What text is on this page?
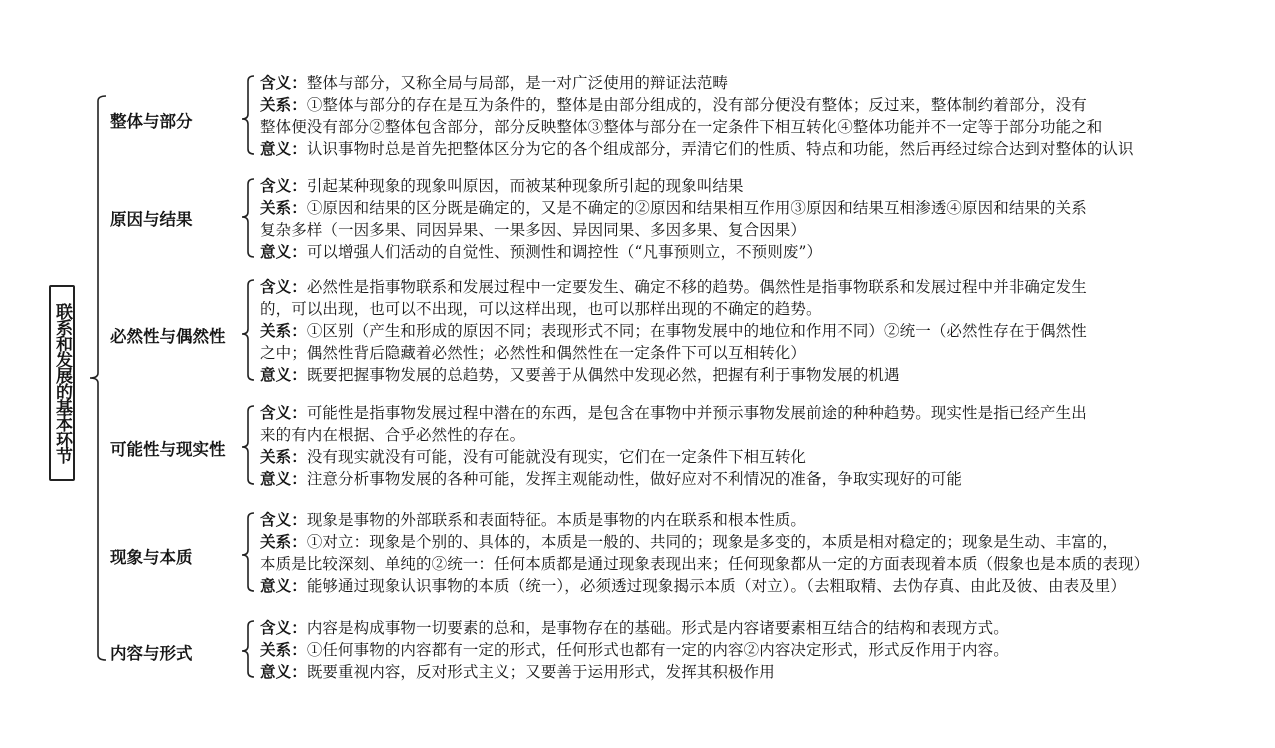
联系和发展的基本环节
整体与部分
含义：整体与部分，又称全局与局部，是一对广泛使用的辩证法范畴
关系：①整体与部分的存在是互为条件的，整体是由部分组成的，没有部分便没有整体；反过来，整体制约着部分，没有
整体便没有部分②整体包含部分，部分反映整体③整体与部分在一定条件下相互转化④整体功能并不一定等于部分功能之和
意义：认识事物时总是首先把整体区分为它的各个组成部分，弄清它们的性质、特点和功能，然后再经过综合达到对整体的认识
原因与结果
含义：引起某种现象的现象叫原因，而被某种现象所引起的现象叫结果
关系：①原因和结果的区分既是确定的，又是不确定的②原因和结果相互作用③原因和结果互相渗透④原因和结果的关系
复杂多样（一因多果、同因异果、一果多因、异因同果、多因多果、复合因果）
意义：可以增强人们活动的自觉性、预测性和调控性（“凡事预则立，不预则废”）
必然性与偶然性
含义：必然性是指事物联系和发展过程中一定要发生、确定不移的趋势。偶然性是指事物联系和发展过程中并非确定发生
的，可以出现，也可以不出现，可以这样出现，也可以那样出现的不确定的趋势。
关系：①区别（产生和形成的原因不同；表现形式不同；在事物发展中的地位和作用不同）②统一（必然性存在于偶然性
之中；偶然性背后隐藏着必然性；必然性和偶然性在一定条件下可以互相转化）
意义：既要把握事物发展的总趋势，又要善于从偶然中发现必然，把握有利于事物发展的机遇
可能性与现实性
含义：可能性是指事物发展过程中潜在的东西，是包含在事物中并预示事物发展前途的种种趋势。现实性是指已经产生出
来的有内在根据、合乎必然性的存在。
关系：没有现实就没有可能，没有可能就没有现实，它们在一定条件下相互转化
意义：注意分析事物发展的各种可能，发挥主观能动性，做好应对不利情况的准备，争取实现好的可能
现象与本质
含义：现象是事物的外部联系和表面特征。本质是事物的内在联系和根本性质。
关系：①对立：现象是个别的、具体的，本质是一般的、共同的；现象是多变的，本质是相对稳定的；现象是生动、丰富的，
本质是比较深刻、单纯的②统一：任何本质都是通过现象表现出来；任何现象都从一定的方面表现着本质（假象也是本质的表现）
意义：能够通过现象认识事物的本质（统一），必须透过现象揭示本质（对立）。（去粗取精、去伪存真、由此及彼、由表及里）
内容与形式
含义：内容是构成事物一切要素的总和，是事物存在的基础。形式是内容诸要素相互结合的结构和表现方式。
关系：①任何事物的内容都有一定的形式，任何形式也都有一定的内容②内容决定形式，形式反作用于内容。
意义：既要重视内容，反对形式主义；又要善于运用形式，发挥其积极作用
